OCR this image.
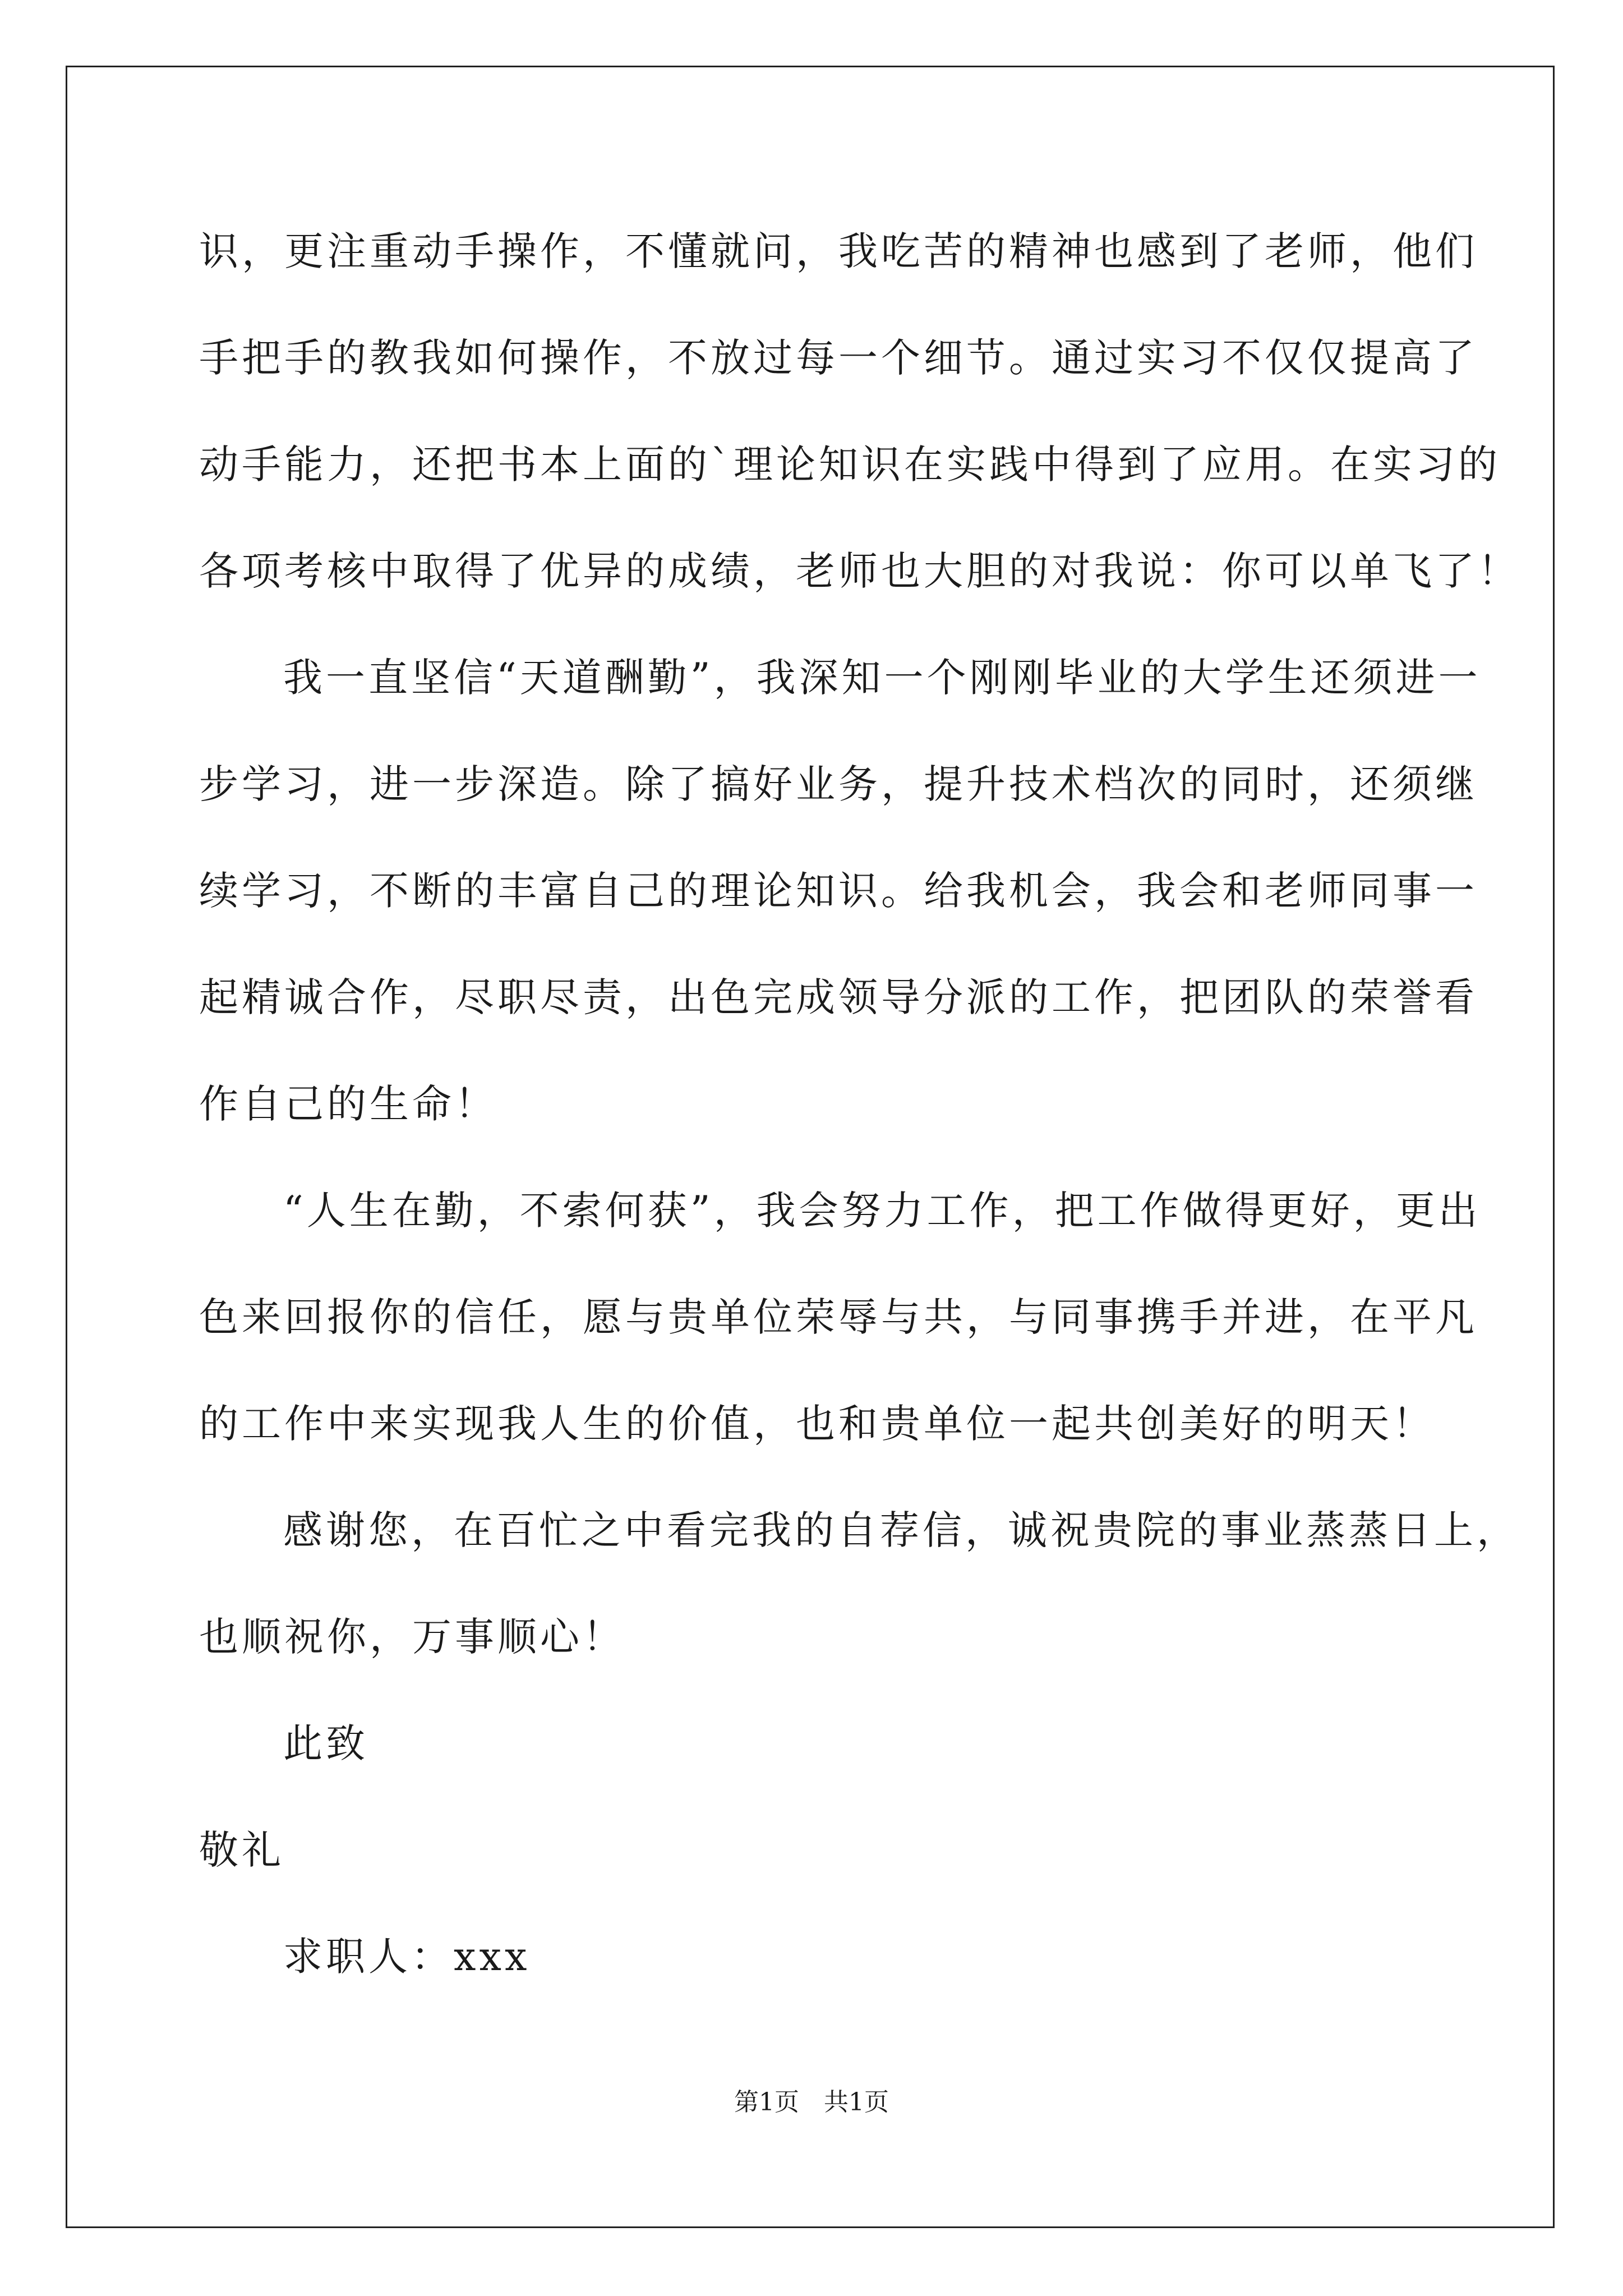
识，更注重动手操作，不懂就问，我吃苦的精神也感到了老师，他们
手把手的教我如何操作，不放过每一个细节。通过实习不仅仅提高了
动手能力，还把书本上面的`理论知识在实践中得到了应用。在实习的
各项考核中取得了优异的成绩，老师也大胆的对我说：你可以单飞了！
我一直坚信“天道酬勤”，我深知一个刚刚毕业的大学生还须进一
步学习，进一步深造。除了搞好业务，提升技术档次的同时，还须继
续学习，不断的丰富自己的理论知识。给我机会，我会和老师同事一
起精诚合作，尽职尽责，出色完成领导分派的工作，把团队的荣誉看
作自己的生命！
“人生在勤，不索何获”，我会努力工作，把工作做得更好，更出
色来回报你的信任，愿与贵单位荣辱与共，与同事携手并进，在平凡
的工作中来实现我人生的价值，也和贵单位一起共创美好的明天！
感谢您，在百忙之中看完我的自荐信，诚祝贵院的事业蒸蒸日上，
也顺祝你，万事顺心！
此致
敬礼
求职人：xxx
第1页　共1页
